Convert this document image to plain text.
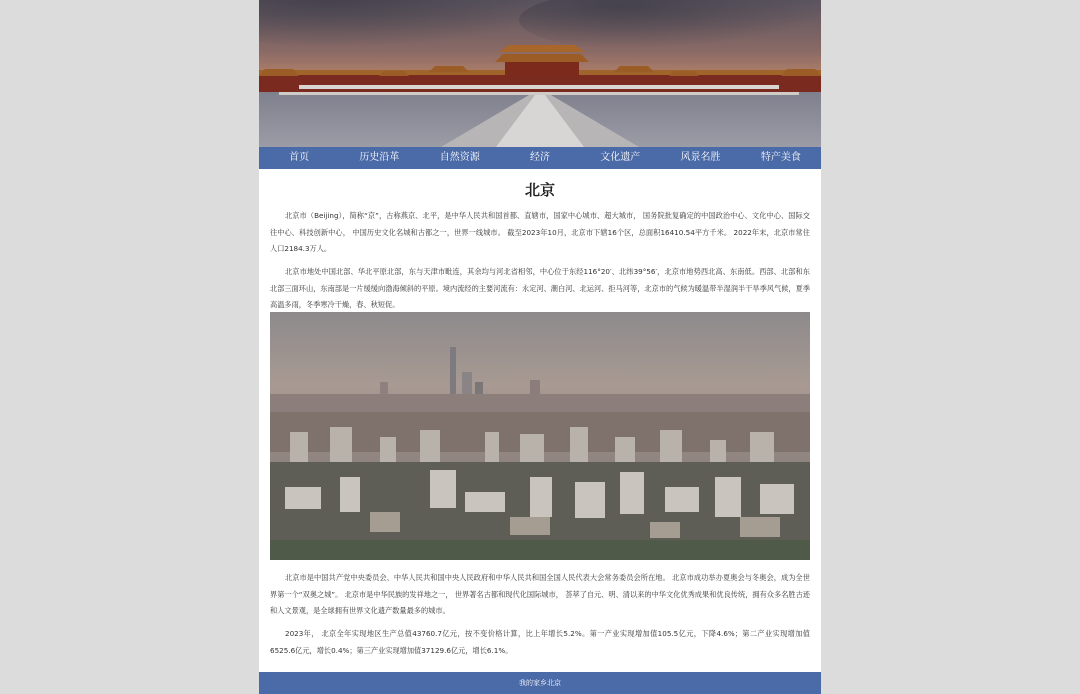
首页	历史沿革	自然资源	经济	文化遗产	风景名胜	特产美食
北京

北京市（Beijing），简称“京”，古称燕京、北平，是中华人民共和国首都、直辖市，国家中心城市、超大城市， 国务院批复确定的中国政治中心、文化中心、国际交往中心、科技创新中心， 中国历史文化名城和古都之一，世界一线城市。 截至2023年10月，北京市下辖16个区，总面积16410.54平方千米。 2022年末，北京市常住人口2184.3万人。

北京市地处中国北部、华北平原北部，东与天津市毗连，其余均与河北省相邻，中心位于东经116°20′、北纬39°56′，北京市地势西北高、东南低。西部、北部和东北部三面环山，东南部是一片缓缓向渤海倾斜的平原。境内流经的主要河流有：永定河、潮白河、北运河、拒马河等，北京市的气候为暖温带半湿润半干旱季风气候，夏季高温多雨，冬季寒冷干燥，春、秋短促。

北京市是中国共产党中央委员会、中华人民共和国中央人民政府和中华人民共和国全国人民代表大会常务委员会所在地。 北京市成功举办夏奥会与冬奥会，成为全世界第一个“双奥之城”。 北京市是中华民族的发祥地之一， 世界著名古都和现代化国际城市， 荟萃了自元、明、清以来的中华文化优秀成果和优良传统，拥有众多名胜古迹和人文景观，是全球拥有世界文化遗产数量最多的城市。

2023年， 北京全年实现地区生产总值43760.7亿元，按不变价格计算，比上年增长5.2%。第一产业实现增加值105.5亿元，下降4.6%；第二产业实现增加值6525.6亿元，增长0.4%；第三产业实现增加值37129.6亿元，增长6.1%。

我的家乡北京
